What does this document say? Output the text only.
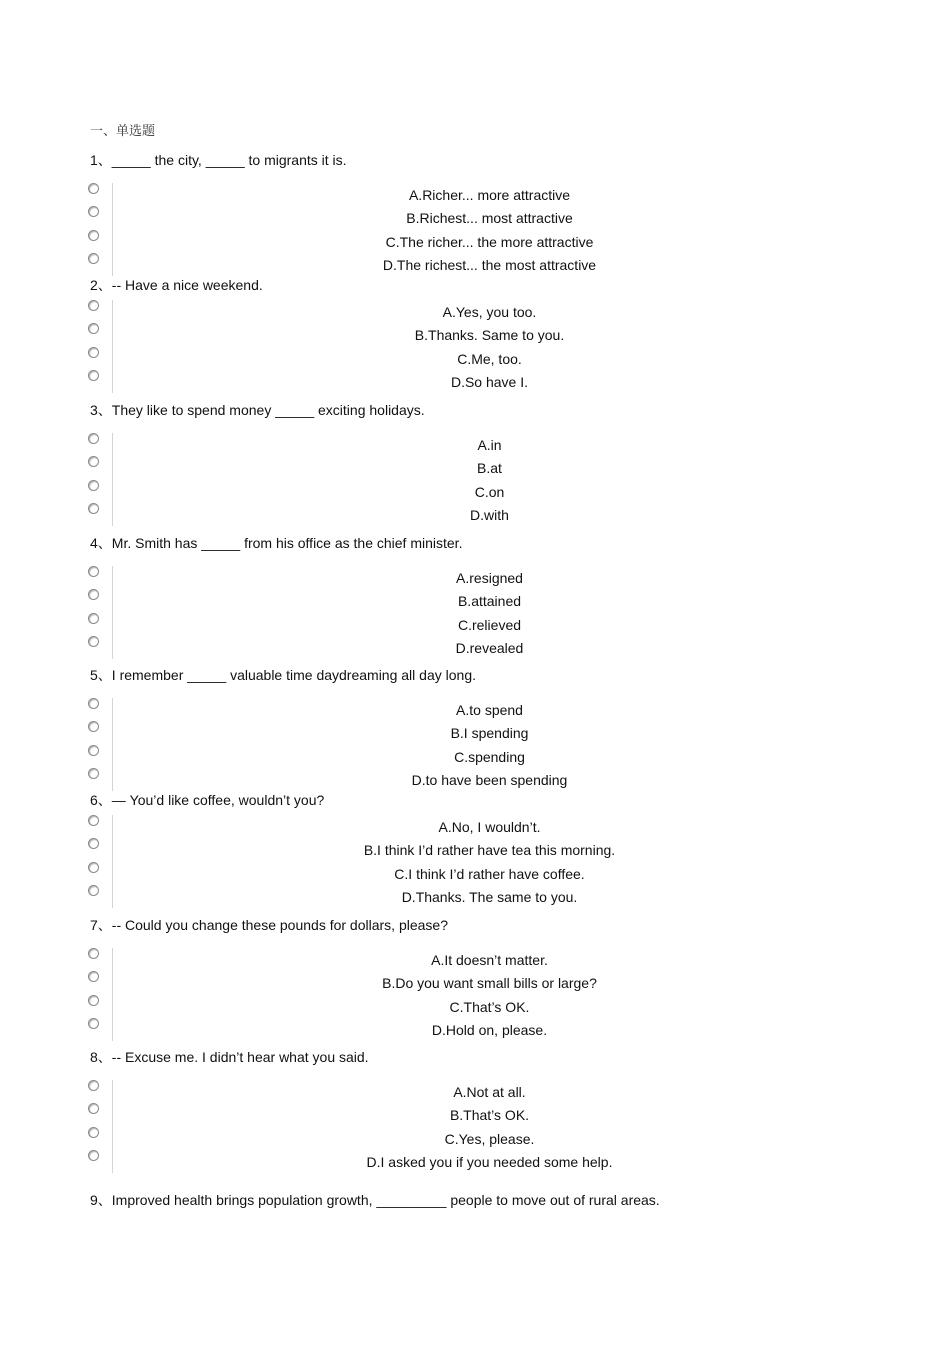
一、单选题
1、_____ the city, _____ to migrants it is.
A.Richer... more attractive
B.Richest... most attractive
C.The richer... the more attractive
D.The richest... the most attractive
2、-- Have a nice weekend.
A.Yes, you too.
B.Thanks. Same to you.
C.Me, too.
D.So have I.
3、They like to spend money _____ exciting holidays.
A.in
B.at
C.on
D.with
4、Mr. Smith has _____ from his office as the chief minister.
A.resigned
B.attained
C.relieved
D.revealed
5、I remember _____ valuable time daydreaming all day long.
A.to spend
B.I spending
C.spending
D.to have been spending
6、— You’d like coffee, wouldn’t you?
A.No, I wouldn’t.
B.I think I’d rather have tea this morning.
C.I think I’d rather have coffee.
D.Thanks. The same to you.
7、-- Could you change these pounds for dollars, please?
A.It doesn’t matter.
B.Do you want small bills or large?
C.That’s OK.
D.Hold on, please.
8、-- Excuse me. I didn’t hear what you said.
A.Not at all.
B.That’s OK.
C.Yes, please.
D.I asked you if you needed some help.
9、Improved health brings population growth, _________ people to move out of rural areas.
